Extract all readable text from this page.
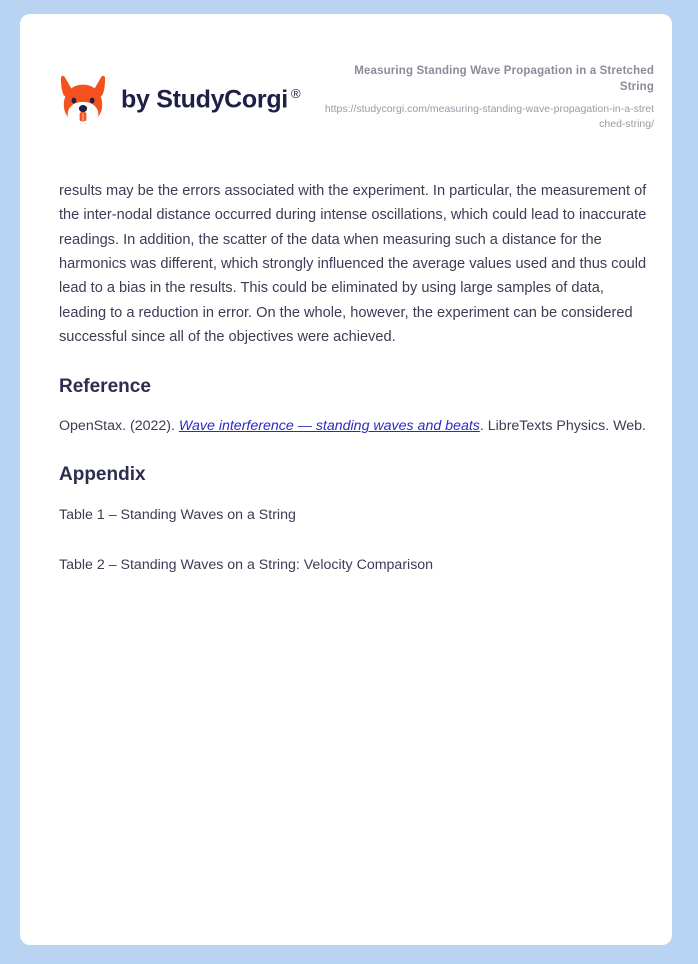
by StudyCorgi ®
Measuring Standing Wave Propagation in a Stretched String
https://studycorgi.com/measuring-standing-wave-propagation-in-a-stretched-string/

results may be the errors associated with the experiment. In particular, the measurement of the inter-nodal distance occurred during intense oscillations, which could lead to inaccurate readings. In addition, the scatter of the data when measuring such a distance for the harmonics was different, which strongly influenced the average values used and thus could lead to a bias in the results. This could be eliminated by using large samples of data, leading to a reduction in error. On the whole, however, the experiment can be considered successful since all of the objectives were achieved.

Reference

OpenStax. (2022). Wave interference — standing waves and beats. LibreTexts Physics. Web.

Appendix

Table 1 – Standing Waves on a String

Table 2 – Standing Waves on a String: Velocity Comparison
